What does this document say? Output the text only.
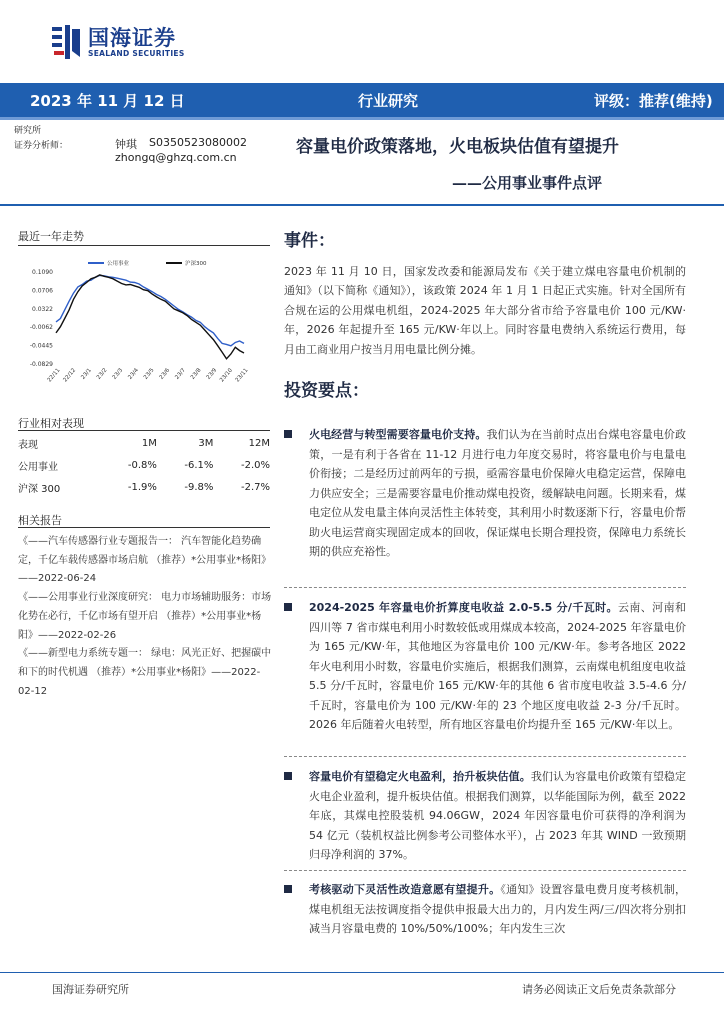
国海证券
SEALAND SECURITIES
2023 年 11 月 12 日	行业研究	评级：推荐(维持)
研究所
证券分析师：	钟琪 S0350523080002
zhongq@ghzq.com.cn
容量电价政策落地，火电板块估值有望提升
——公用事业事件点评
最近一年走势
公用事业	沪深300
0.1090
0.0706
0.0322
-0.0062
-0.0445
-0.0829
22/11 22/12 23/1 23/2 23/3 23/4 23/5 23/6 23/7 23/8 23/9 23/10 23/11
行业相对表现
表现	1M	3M	12M
公用事业	-0.8%	-6.1%	-2.0%
沪深 300	-1.9%	-9.8%	-2.7%
相关报告
《——汽车传感器行业专题报告一： 汽车智能化趋势确定，千亿车载传感器市场启航 （推荐）*公用事业*杨阳》——2022-06-24
《——公用事业行业深度研究： 电力市场辅助服务：市场化势在必行，千亿市场有望开启 （推荐）*公用事业*杨阳》——2022-02-26
《——新型电力系统专题一： 绿电：风光正好、把握碳中和下的时代机遇 （推荐）*公用事业*杨阳》——2022-02-12
事件：
2023 年 11 月 10 日，国家发改委和能源局发布《关于建立煤电容量电价机制的通知》（以下简称《通知》），该政策 2024 年 1 月 1 日起正式实施。针对全国所有合规在运的公用煤电机组，2024-2025 年大部分省市给予容量电价 100 元/KW·年，2026 年起提升至 165 元/KW·年以上。同时容量电费纳入系统运行费用，每月由工商业用户按当月用电量比例分摊。
投资要点：
火电经营与转型需要容量电价支持。我们认为在当前时点出台煤电容量电价政策，一是有利于各省在 11-12 月进行电力年度交易时，将容量电价与电量电价衔接；二是经历过前两年的亏损，亟需容量电价保障火电稳定运营，保障电力供应安全；三是需要容量电价推动煤电投资，缓解缺电问题。长期来看，煤电定位从发电量主体向灵活性主体转变，其利用小时数逐渐下行，容量电价帮助火电运营商实现固定成本的回收，保证煤电长期合理投资，保障电力系统长期的供应充裕性。
2024-2025 年容量电价折算度电收益 2.0-5.5 分/千瓦时。云南、河南和四川等 7 省市煤电利用小时数较低或用煤成本较高，2024-2025 年容量电价为 165 元/KW·年，其他地区为容量电价 100 元/KW·年。参考各地区 2022 年火电利用小时数，容量电价实施后，根据我们测算，云南煤电机组度电收益 5.5 分/千瓦时，容量电价 165 元/KW·年的其他 6 省市度电收益 3.5-4.6 分/千瓦时，容量电价为 100 元/KW·年的 23 个地区度电收益 2-3 分/千瓦时。2026 年后随着火电转型，所有地区容量电价均提升至 165 元/KW·年以上。
容量电价有望稳定火电盈利，抬升板块估值。我们认为容量电价政策有望稳定火电企业盈利，提升板块估值。根据我们测算，以华能国际为例，截至 2022 年底，其煤电控股装机 94.06GW，2024 年因容量电价可获得的净利润为 54 亿元（装机权益比例参考公司整体水平），占 2023 年其 WIND 一致预期归母净利润的 37%。
考核驱动下灵活性改造意愿有望提升。《通知》设置容量电费月度考核机制，煤电机组无法按调度指令提供申报最大出力的，月内发生两/三/四次将分别扣减当月容量电费的 10%/50%/100%；年内发生三次
国海证券研究所	请务必阅读正文后免责条款部分
